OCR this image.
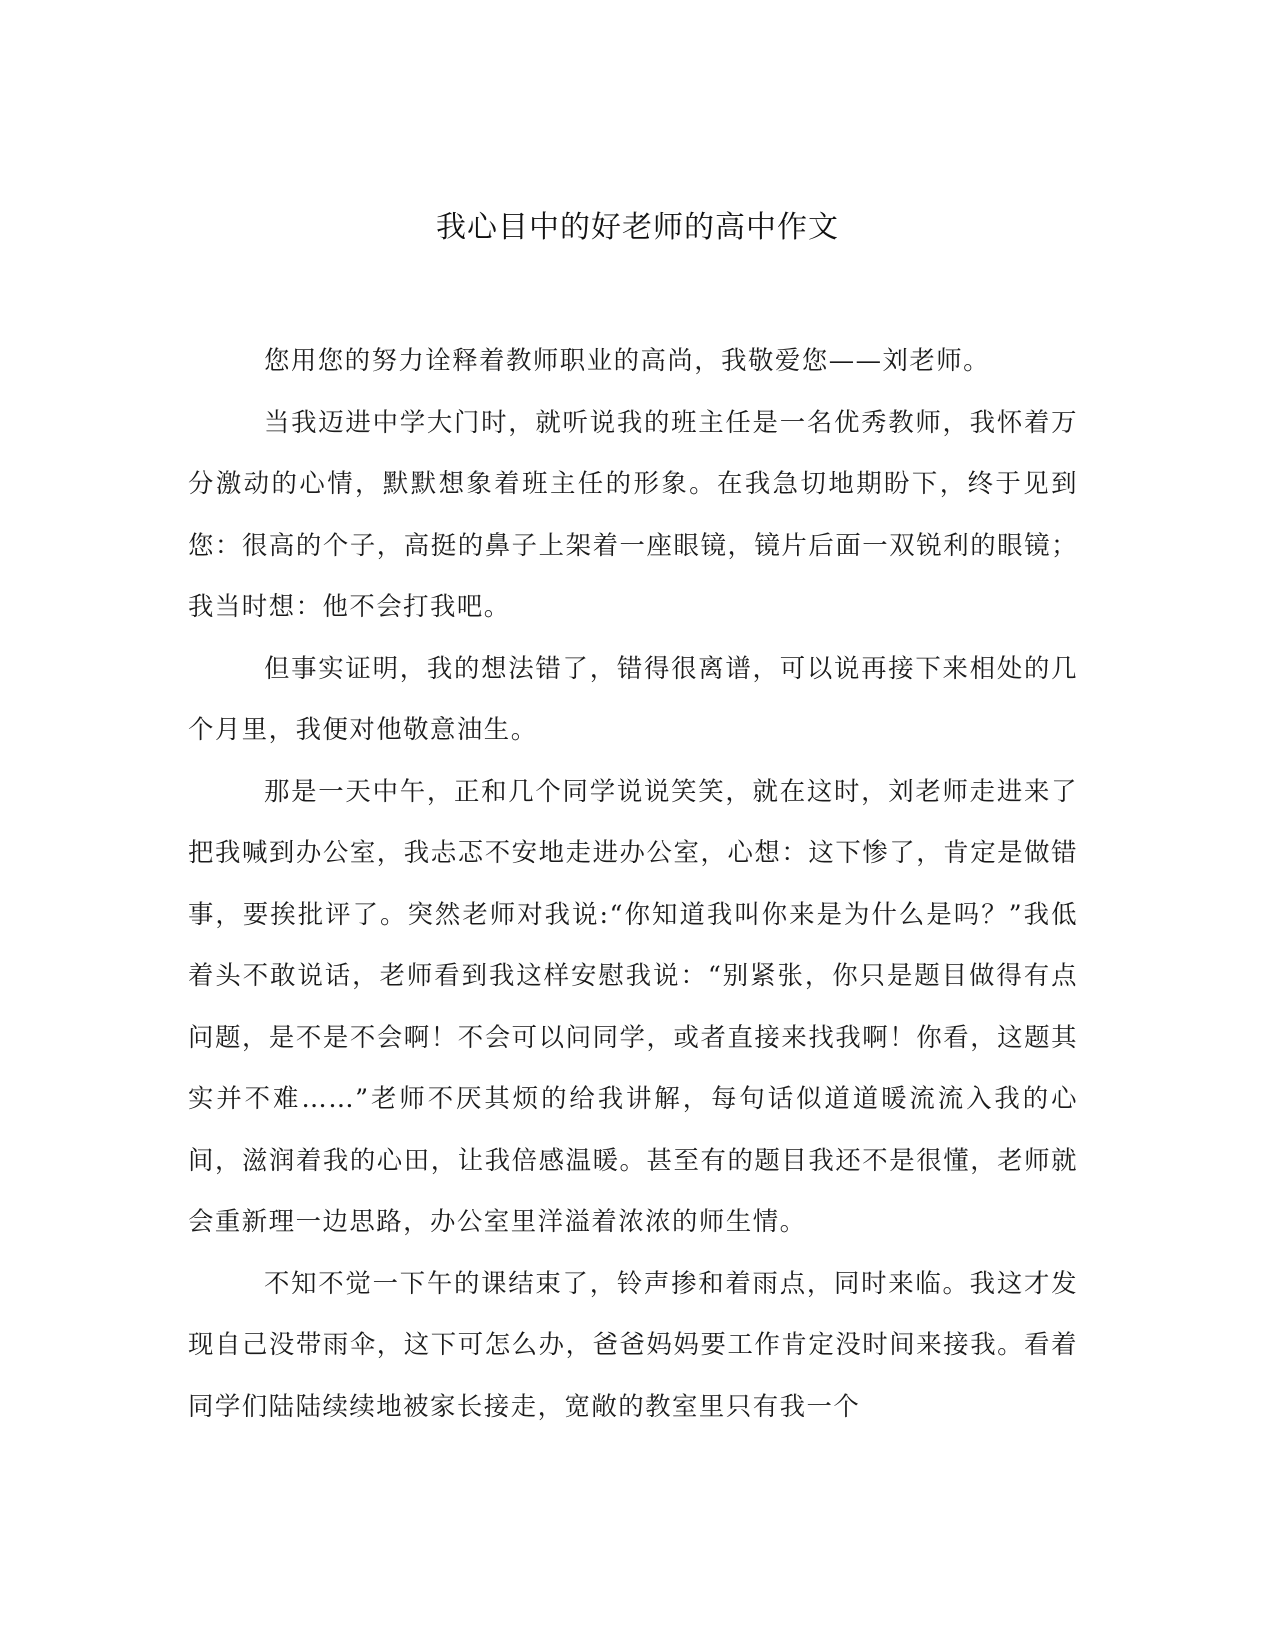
我心目中的好老师的高中作文

您用您的努力诠释着教师职业的高尚，我敬爱您——刘老师。

当我迈进中学大门时，就听说我的班主任是一名优秀教师，我怀着万分激动的心情，默默想象着班主任的形象。在我急切地期盼下，终于见到您：很高的个子，高挺的鼻子上架着一座眼镜，镜片后面一双锐利的眼镜；我当时想：他不会打我吧。

但事实证明，我的想法错了，错得很离谱，可以说再接下来相处的几个月里，我便对他敬意油生。

那是一天中午，正和几个同学说说笑笑，就在这时，刘老师走进来了把我喊到办公室，我忐忑不安地走进办公室，心想：这下惨了，肯定是做错事，要挨批评了。突然老师对我说:“你知道我叫你来是为什么是吗？”我低着头不敢说话，老师看到我这样安慰我说：“别紧张，你只是题目做得有点问题，是不是不会啊！不会可以问同学，或者直接来找我啊！你看，这题其实并不难……”老师不厌其烦的给我讲解，每句话似道道暖流流入我的心间，滋润着我的心田，让我倍感温暖。甚至有的题目我还不是很懂，老师就会重新理一边思路，办公室里洋溢着浓浓的师生情。

不知不觉一下午的课结束了，铃声掺和着雨点，同时来临。我这才发现自己没带雨伞，这下可怎么办，爸爸妈妈要工作肯定没时间来接我。看着同学们陆陆续续地被家长接走，宽敞的教室里只有我一个
